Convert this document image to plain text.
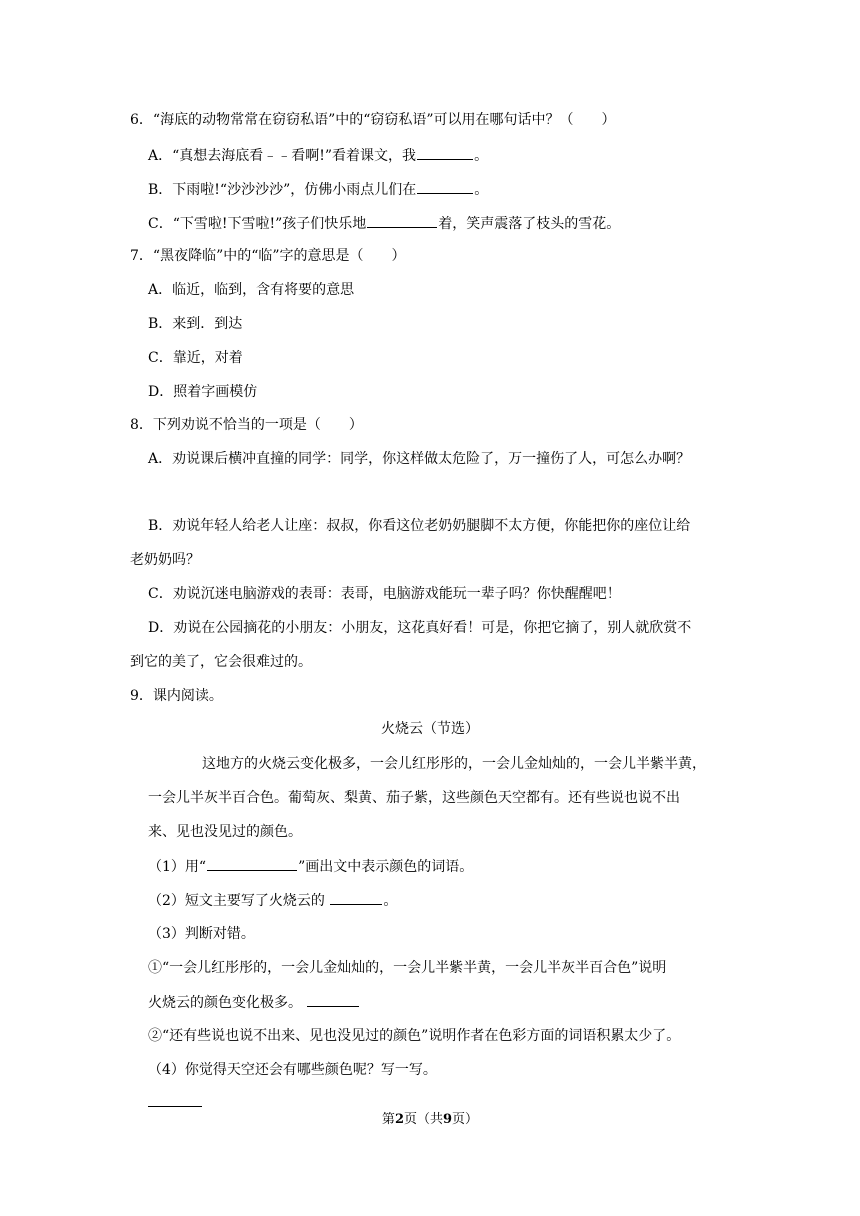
6．“海底的动物常常在窃窃私语”中的“窃窃私语”可以用在哪句话中？（　　）
A．“真想去海底看﹣﹣看啊!”看着课文，我	。
B．下雨啦!“沙沙沙沙”，仿佛小雨点儿们在	。
C．“下雪啦!下雪啦!”孩子们快乐地	着，笑声震落了枝头的雪花。
7．“黑夜降临”中的“临”字的意思是（　　）
A．临近，临到，含有将要的意思
B．来到．到达
C．靠近，对着
D．照着字画模仿
8．下列劝说不恰当的一项是（　　）
A．劝说课后横冲直撞的同学：同学，你这样做太危险了，万一撞伤了人，可怎么办啊？
B．劝说年轻人给老人让座：叔叔，你看这位老奶奶腿脚不太方便，你能把你的座位让给
老奶奶吗？
C．劝说沉迷电脑游戏的表哥：表哥，电脑游戏能玩一辈子吗？你快醒醒吧！
D．劝说在公园摘花的小朋友：小朋友，这花真好看！可是，你把它摘了，别人就欣赏不
到它的美了，它会很难过的。
9．课内阅读。
火烧云（节选）
这地方的火烧云变化极多，一会儿红彤彤的，一会儿金灿灿的，一会儿半紫半黄，
一会儿半灰半百合色。葡萄灰、梨黄、茄子紫，这些颜色天空都有。还有些说也说不出
来、见也没见过的颜色。
（1）用“	”画出文中表示颜色的词语。
（2）短文主要写了火烧云的	。
（3）判断对错。
①“一会儿红彤彤的，一会儿金灿灿的，一会儿半紫半黄，一会儿半灰半百合色”说明
火烧云的颜色变化极多。
②“还有些说也说不出来、见也没见过的颜色”说明作者在色彩方面的词语积累太少了。
（4）你觉得天空还会有哪些颜色呢？写一写。
第2页（共9页）
